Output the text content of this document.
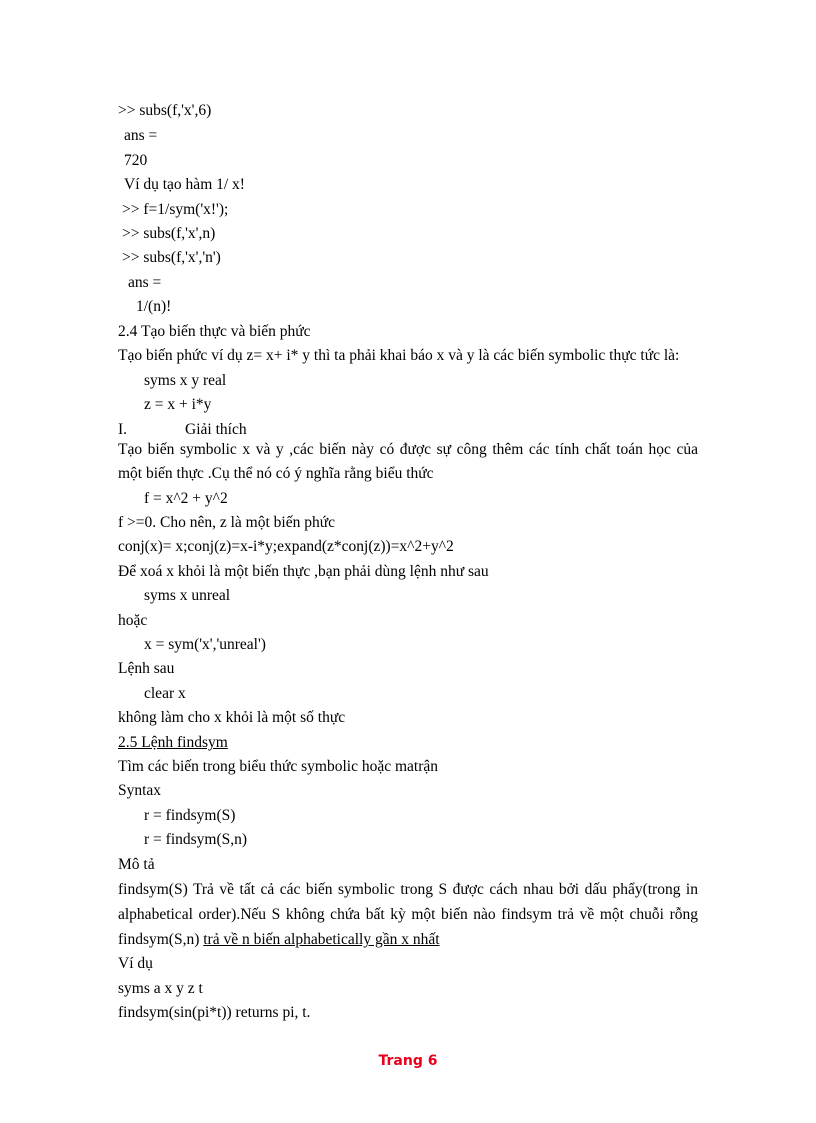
>> subs(f,'x',6)
ans =
720
Ví dụ tạo hàm 1/ x!
>> f=1/sym('x!');
>> subs(f,'x',n)
>> subs(f,'x','n')
ans =
1/(n)!
2.4 Tạo biến thực và biến phức
Tạo biến phức ví dụ z= x+ i* y thì ta phải khai báo x và y là các biến symbolic thực tức là:
syms x y real
z = x + i*y
I.	Giải thích
Tạo biến symbolic x và y ,các biến này có được sự công thêm các tính chất toán học của
một biến thực .Cụ thể nó có ý nghĩa rằng biểu thức
f = x^2 + y^2
f >=0. Cho nên, z là một biến phức
conj(x)= x;conj(z)=x-i*y;expand(z*conj(z))=x^2+y^2
Để xoá x khỏi là một biến thực ,bạn phải dùng lệnh như sau
syms x unreal
hoặc
x = sym('x','unreal')
Lệnh sau
clear x
không làm cho x khỏi là một số thực
2.5 Lệnh findsym
Tìm các biến trong biểu thức symbolic hoặc matrận
Syntax
r = findsym(S)
r = findsym(S,n)
Mô tả
findsym(S) Trả về tất cả các biến symbolic trong S được cách nhau bởi dấu phẩy(trong in
alphabetical order).Nếu S không chứa bất kỳ một biến nào findsym trả về một chuỗi rỗng
findsym(S,n) trả về n biến alphabetically gần x nhất
Ví dụ
syms a x y z t
findsym(sin(pi*t)) returns pi, t.
Trang 6
